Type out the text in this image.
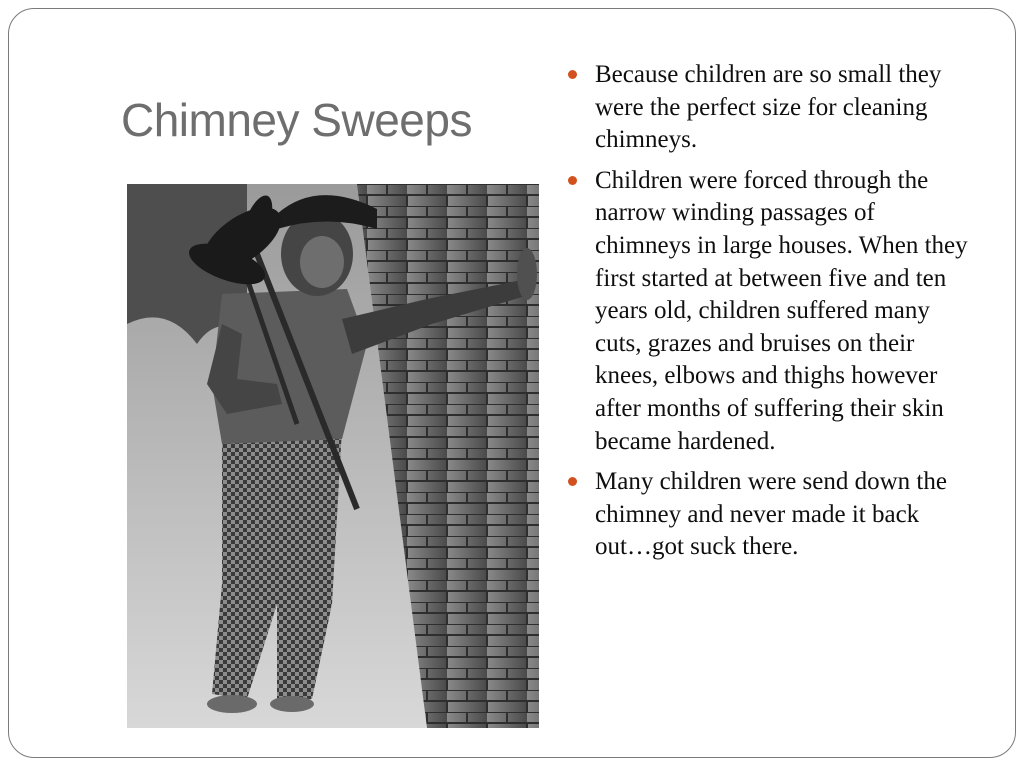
Chimney Sweeps
Because children are so small they were the perfect size for cleaning chimneys.
Children were forced through the narrow winding passages of chimneys in large houses. When they first started at between five and ten years old, children suffered many cuts, grazes and bruises on their knees, elbows and thighs however after months of suffering their skin became hardened.
Many children were send down the chimney and never made it back out…got suck there.
